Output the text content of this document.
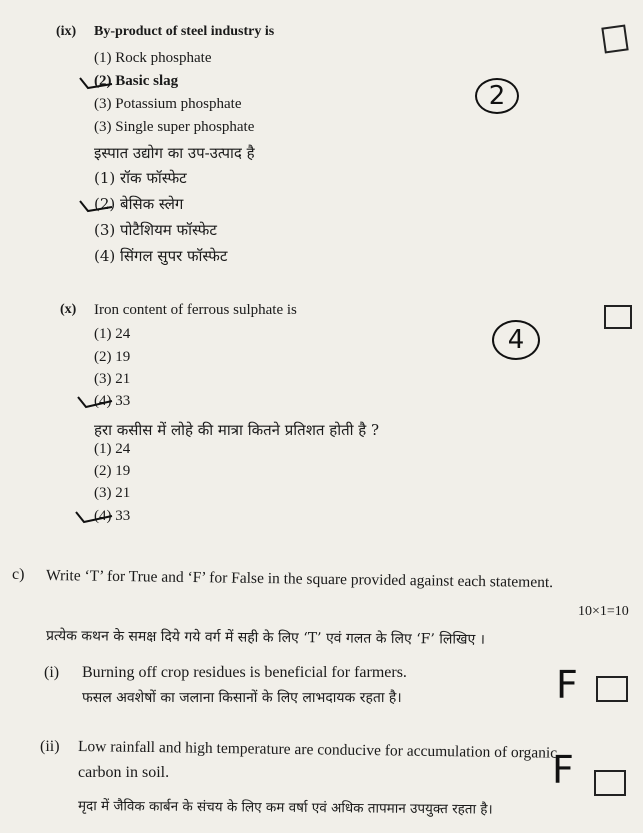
(ix) By-product of steel industry is
(1) Rock phosphate
(2) Basic slag
(3) Potassium phosphate
(3) Single super phosphate
इस्पात उद्योग का उप-उत्पाद है
(1) रॉक फॉस्फेट
(2) बेसिक स्लेग
(3) पोटैशियम फॉस्फेट
(4) सिंगल सुपर फॉस्फेट
2
(x) Iron content of ferrous sulphate is
(1) 24
(2) 19
(3) 21
(4) 33
हरा कसीस में लोहे की मात्रा कितने प्रतिशत होती है ?
(1) 24
(2) 19
(3) 21
(4) 33
4
c) Write ‘T’ for True and ‘F’ for False in the square provided against each statement.
प्रत्येक कथन के समक्ष दिये गये वर्ग में सही के लिए ‘T’ एवं गलत के लिए ‘F’ लिखिए ।
10×1=10
(i) Burning off crop residues is beneficial for farmers.
फसल अवशेषों का जलाना किसानों के लिए लाभदायक रहता है।	F
(ii) Low rainfall and high temperature are conducive for accumulation of organic
carbon in soil.
मृदा में जैविक कार्बन के संचय के लिए कम वर्षा एवं अधिक तापमान उपयुक्त रहता है।
F
